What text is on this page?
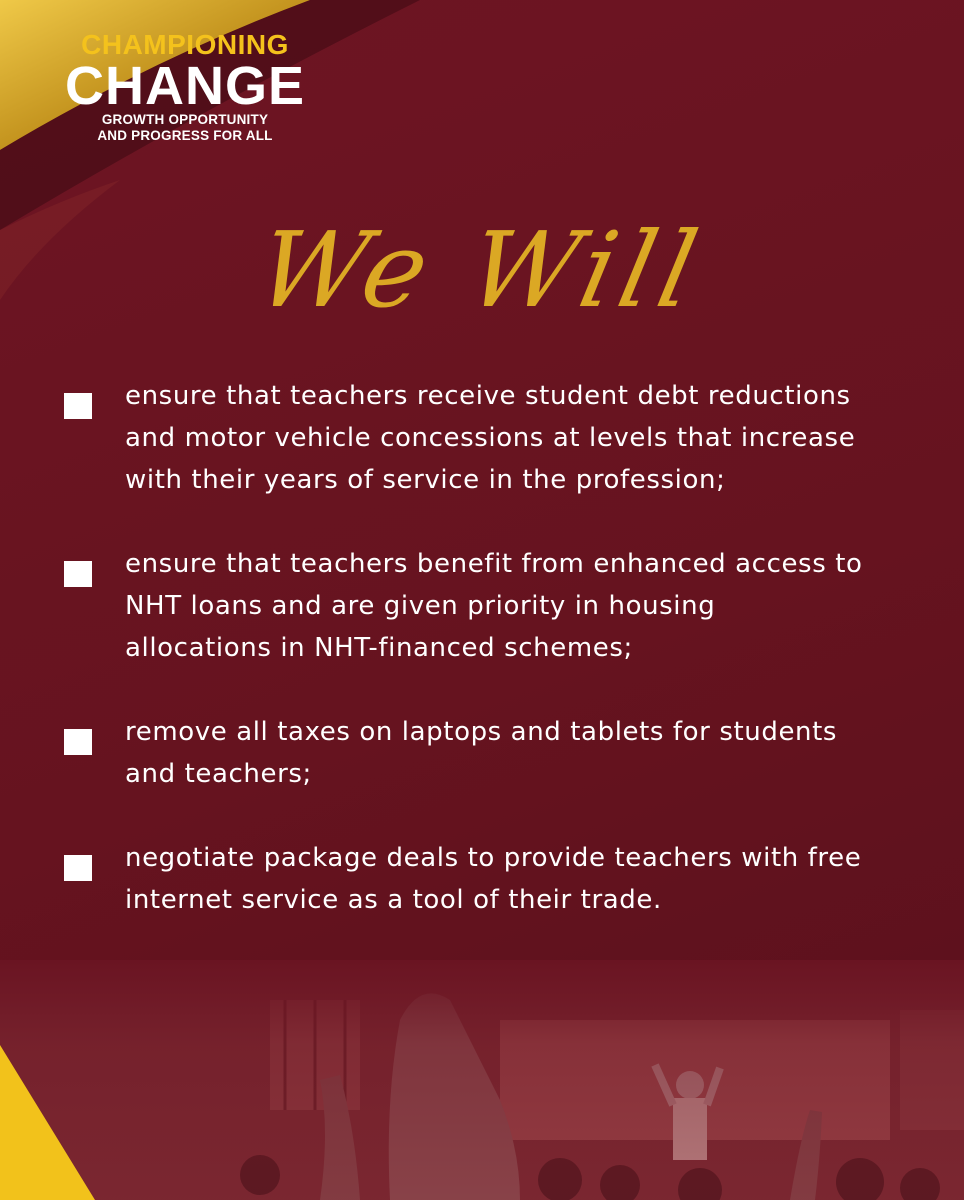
CHAMPIONING
CHANGE
GROWTH OPPORTUNITY
AND PROGRESS FOR ALL
We Will
ensure that teachers receive student debt reductions and motor vehicle concessions at levels that increase with their years of service in the profession;
ensure that teachers benefit from enhanced access to NHT loans and are given priority in housing allocations in NHT-financed schemes;
remove all taxes on laptops and tablets for students and teachers;
negotiate package deals to provide teachers with free internet service as a tool of their trade.
